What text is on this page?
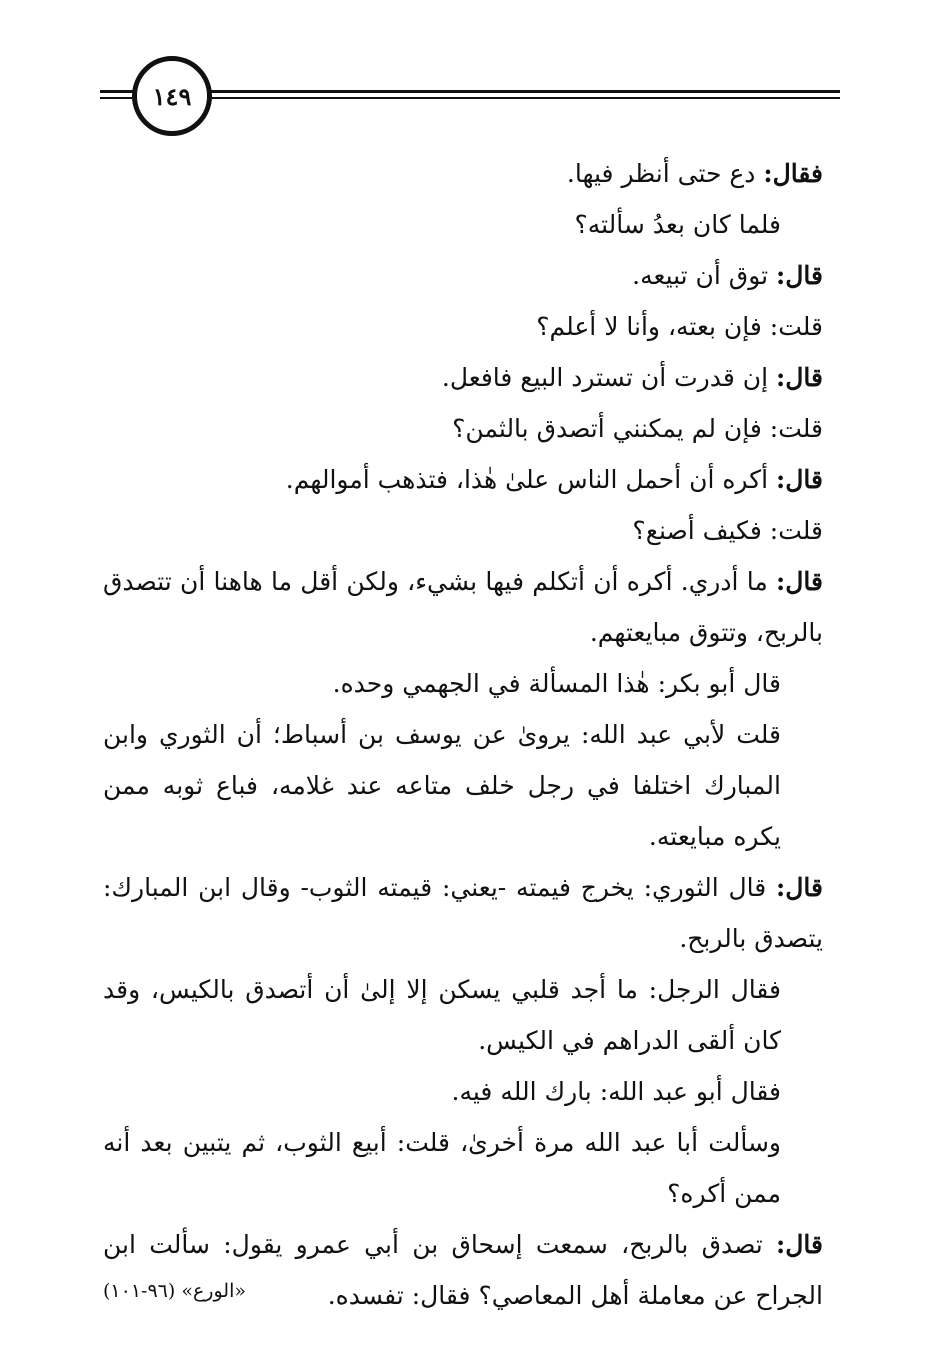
١٤٩

فقال: دع حتى أنظر فيها.

فلما كان بعدُ سألته؟

قال: توق أن تبيعه.

قلت: فإن بعته، وأنا لا أعلم؟

قال: إن قدرت أن تسترد البيع فافعل.

قلت: فإن لم يمكنني أتصدق بالثمن؟

قال: أكره أن أحمل الناس علىٰ هٰذا، فتذهب أموالهم.

قلت: فكيف أصنع؟

قال: ما أدري. أكره أن أتكلم فيها بشيء، ولكن أقل ما هاهنا أن تتصدق بالربح، وتتوق مبايعتهم.

قال أبو بكر: هٰذا المسألة في الجهمي وحده.

قلت لأبي عبد الله: يروىٰ عن يوسف بن أسباط؛ أن الثوري وابن المبارك اختلفا في رجل خلف متاعه عند غلامه، فباع ثوبه ممن يكره مبايعته.

قال: قال الثوري: يخرج فيمته -يعني: قيمته الثوب- وقال ابن المبارك: يتصدق بالربح.

فقال الرجل: ما أجد قلبي يسكن إلا إلىٰ أن أتصدق بالكيس، وقد كان ألقى الدراهم في الكيس.

فقال أبو عبد الله: بارك الله فيه.

وسألت أبا عبد الله مرة أخرىٰ، قلت: أبيع الثوب، ثم يتبين بعد أنه ممن أكره؟

قال: تصدق بالربح، سمعت إسحاق بن أبي عمرو يقول: سألت ابن الجراح عن معاملة أهل المعاصي؟ فقال: تفسده.
«الورع» (٩٦-١٠١)
